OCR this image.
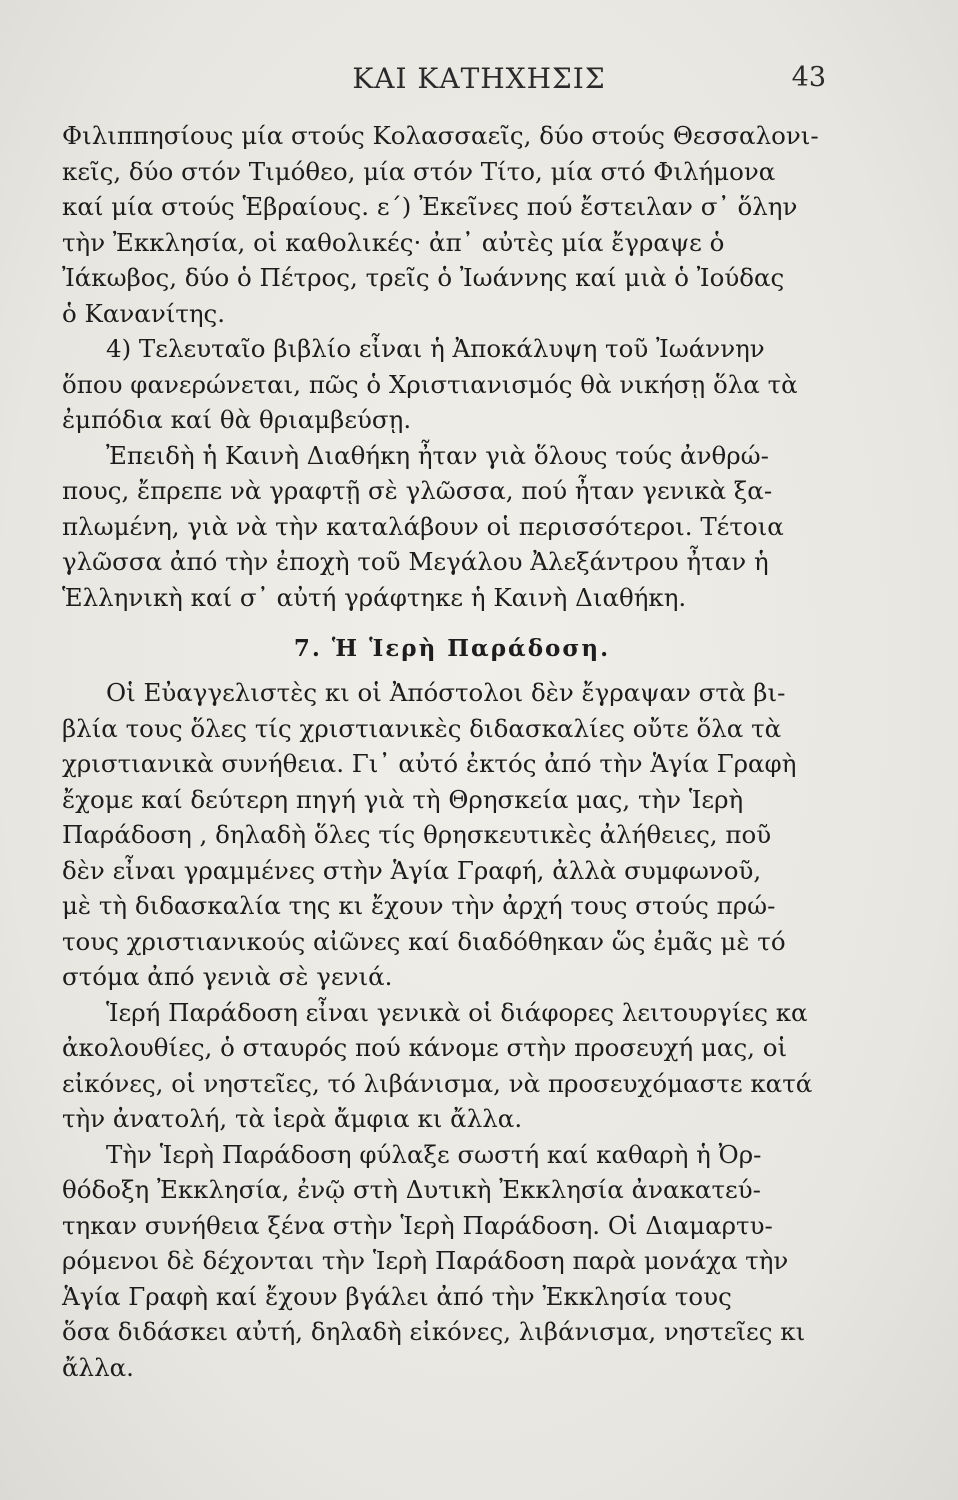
ΚΑΙ ΚΑΤΗΧΗΣΙΣ	43
Φιλιππησίους μία στούς Κολασσαεῖς, δύο στούς Θεσσαλονι-
κεῖς, δύο στόν Τιμόθεο, μία στόν Τίτο, μία στό Φιλήμονα
καί μία στούς Ἑβραίους. ε΄) Ἐκεῖνες πού ἔστειλαν σ᾽ ὅλην
τὴν Ἐκκλησία, οἱ καθολικές· ἀπ᾽ αὐτὲς μία ἔγραψε ὁ
Ἰάκωβος, δύο ὁ Πέτρος, τρεῖς ὁ Ἰωάννης καί μιὰ ὁ Ἰούδας
ὁ Κανανίτης.
4) Τελευταῖο βιβλίο εἶναι ἡ Ἀποκάλυψη τοῦ Ἰωάννην
ὅπου φανερώνεται, πῶς ὁ Χριστιανισμός θὰ νικήσῃ ὅλα τὰ
ἐμπόδια καί θὰ θριαμβεύσῃ.
Ἐπειδὴ ἡ Καινὴ Διαθήκη ἦταν γιὰ ὅλους τούς ἀνθρώ-
πους, ἔπρεπε νὰ γραφτῇ σὲ γλῶσσα, πού ἦταν γενικὰ ξα-
πλωμένη, γιὰ νὰ τὴν καταλάβουν οἱ περισσότεροι. Τέτοια
γλῶσσα ἀπό τὴν ἐποχὴ τοῦ Μεγάλου Ἀλεξάντρου ἦταν ἡ
Ἑλληνικὴ καί σ᾽ αὐτή γράφτηκε ἡ Καινὴ Διαθήκη.
7. Ἡ Ἱερὴ Παράδοση.
Οἱ Εὐαγγελιστὲς κι οἱ Ἀπόστολοι δὲν ἔγραψαν στὰ βι-
βλία τους ὅλες τίς χριστιανικὲς διδασκαλίες οὔτε ὅλα τὰ
χριστιανικὰ συνήθεια. Γι᾽ αὐτό ἐκτός ἀπό τὴν Ἁγία Γραφὴ
ἔχομε καί δεύτερη πηγή γιὰ τὴ Θρησκεία μας, τὴν Ἱερὴ
Παράδοση , δηλαδὴ ὅλες τίς θρησκευτικὲς ἀλήθειες, ποῦ
δὲν εἶναι γραμμένες στὴν Ἁγία Γραφή, ἀλλὰ συμφωνοῦ,
μὲ τὴ διδασκαλία της κι ἔχουν τὴν ἀρχή τους στούς πρώ-
τους χριστιανικούς αἰῶνες καί διαδόθηκαν ὥς ἐμᾶς μὲ τό
στόμα ἀπό γενιὰ σὲ γενιά.
Ἱερή Παράδοση εἶναι γενικὰ οἱ διάφορες λειτουργίες κα
ἀκολουθίες, ὁ σταυρός πού κάνομε στὴν προσευχή μας, οἱ
εἰκόνες, οἱ νηστεῖες, τό λιβάνισμα, νὰ προσευχόμαστε κατά
τὴν ἀνατολή, τὰ ἱερὰ ἄμφια κι ἄλλα.
Τὴν Ἱερὴ Παράδοση φύλαξε σωστή καί καθαρὴ ἡ Ὀρ-
θόδοξη Ἐκκλησία, ἐνῷ στὴ Δυτικὴ Ἐκκλησία ἀνακατεύ-
τηκαν συνήθεια ξένα στὴν Ἱερὴ Παράδοση. Οἱ Διαμαρτυ-
ρόμενοι δὲ δέχονται τὴν Ἱερὴ Παράδοση παρὰ μονάχα τὴν
Ἁγία Γραφὴ καί ἔχουν βγάλει ἀπό τὴν Ἐκκλησία τους
ὅσα διδάσκει αὐτή, δηλαδὴ εἰκόνες, λιβάνισμα, νηστεῖες κι
ἄλλα.
